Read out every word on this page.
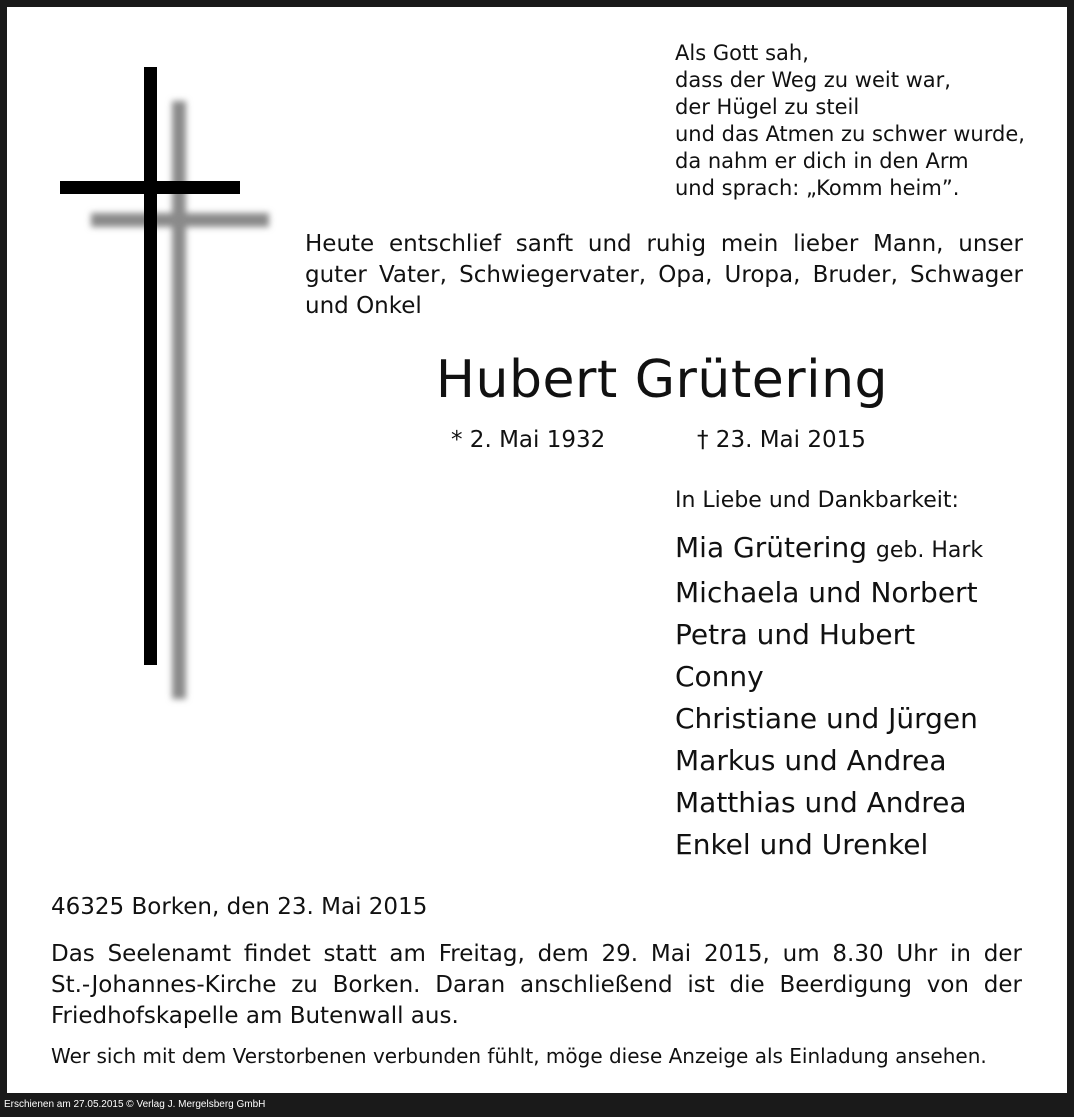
Als Gott sah,
dass der Weg zu weit war,
der Hügel zu steil
und das Atmen zu schwer wurde,
da nahm er dich in den Arm
und sprach: „Komm heim”.
Heute entschlief sanft und ruhig mein lieber Mann, unser
guter Vater, Schwiegervater, Opa, Uropa, Bruder, Schwager
und Onkel
Hubert Grütering
* 2. Mai 1932	† 23. Mai 2015
In Liebe und Dankbarkeit:
Mia Grütering geb. Hark
Michaela und Norbert
Petra und Hubert
Conny
Christiane und Jürgen
Markus und Andrea
Matthias und Andrea
Enkel und Urenkel
46325 Borken, den 23. Mai 2015
Das Seelenamt findet statt am Freitag, dem 29. Mai 2015, um 8.30 Uhr in der
St.-Johannes-Kirche zu Borken. Daran anschließend ist die Beerdigung von der
Friedhofskapelle am Butenwall aus.
Wer sich mit dem Verstorbenen verbunden fühlt, möge diese Anzeige als Einladung ansehen.
Erschienen am 27.05.2015 © Verlag J. Mergelsberg GmbH
